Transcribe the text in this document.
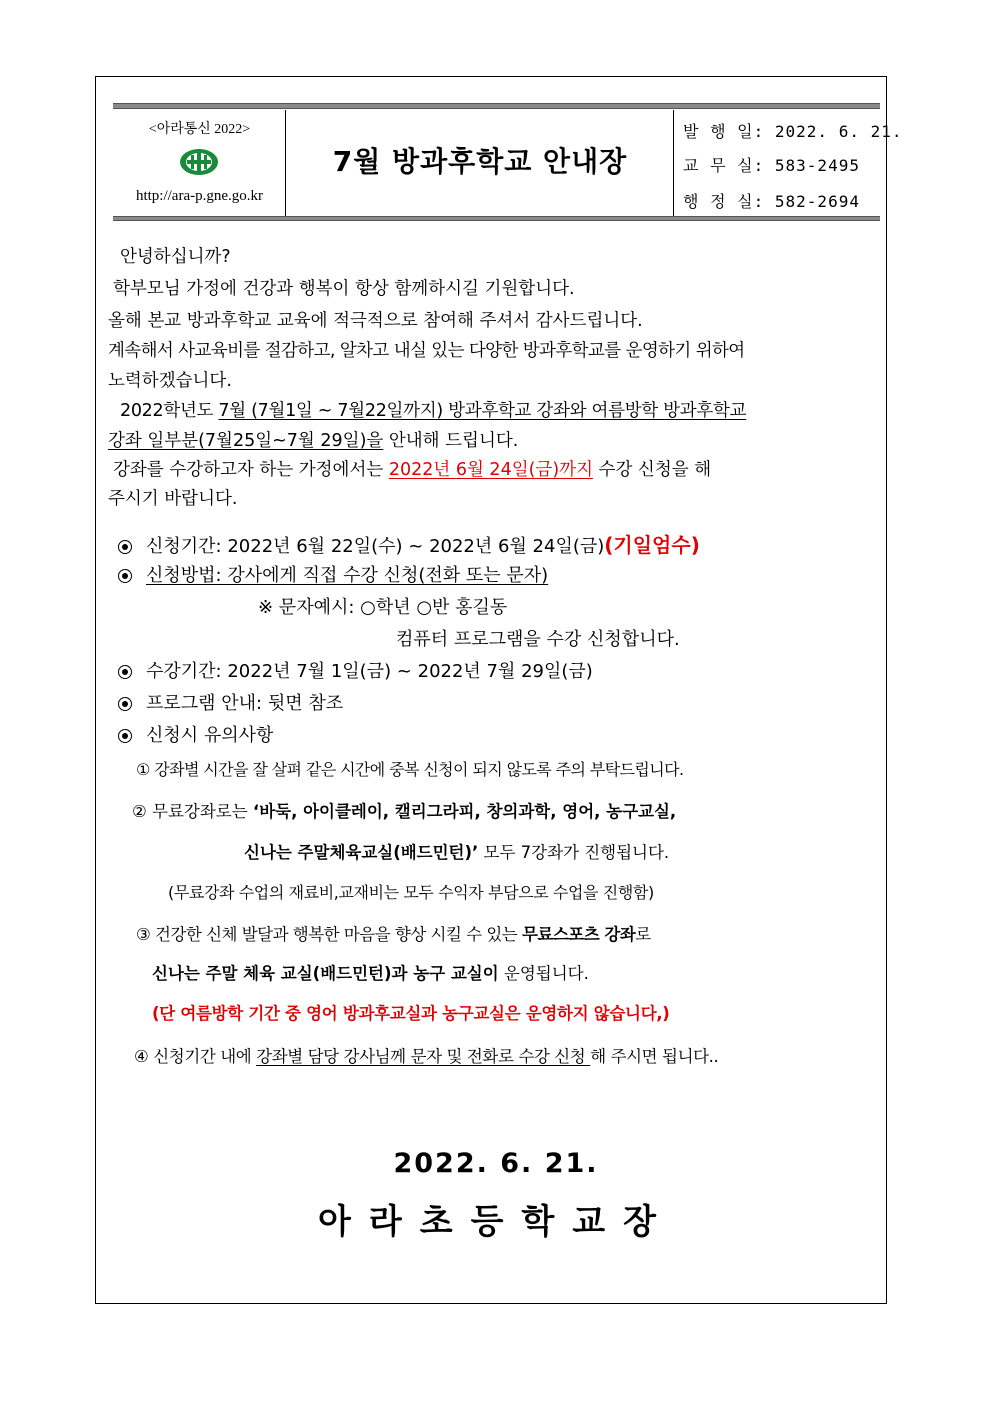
<아라통신 2022>
http://ara-p.gne.go.kr
7월 방과후학교 안내장
발 행 일: 2022. 6. 21.
교 무 실: 583-2495
행 정 실: 582-2694
안녕하십니까?
학부모님 가정에 건강과 행복이 항상 함께하시길 기원합니다.
올해 본교 방과후학교 교육에 적극적으로 참여해 주셔서 감사드립니다.
계속해서 사교육비를 절감하고, 알차고 내실 있는 다양한 방과후학교를 운영하기 위하여
노력하겠습니다.
2022학년도 7월 (7월1일 ~ 7월22일까지) 방과후학교 강좌와 여름방학 방과후학교
강좌 일부분(7월25일~7월 29일)을 안내해 드립니다.
강좌를 수강하고자 하는 가정에서는 2022년 6월 24일(금)까지 수강 신청을 해
주시기 바랍니다.
신청기간: 2022년 6월 22일(수) ~ 2022년 6월 24일(금)(기일엄수)
신청방법: 강사에게 직접 수강 신청(전화 또는 문자)
※ 문자예시: ○학년 ○반 홍길동
컴퓨터 프로그램을 수강 신청합니다.
수강기간: 2022년 7월 1일(금) ~ 2022년 7월 29일(금)
프로그램 안내: 뒷면 참조
신청시 유의사항
① 강좌별 시간을 잘 살펴 같은 시간에 중복 신청이 되지 않도록 주의 부탁드립니다.
② 무료강좌로는 ‘바둑, 아이클레이, 캘리그라피, 창의과학, 영어, 농구교실,
신나는 주말체육교실(배드민턴)’ 모두 7강좌가 진행됩니다.
(무료강좌 수업의 재료비,교재비는 모두 수익자 부담으로 수업을 진행함)
③ 건강한 신체 발달과 행복한 마음을 향상 시킬 수 있는 무료스포츠 강좌로
신나는 주말 체육 교실(배드민턴)과 농구 교실이 운영됩니다.
(단 여름방학 기간 중 영어 방과후교실과 농구교실은 운영하지 않습니다,)
④ 신청기간 내에 강좌별 담당 강사님께 문자 및 전화로 수강 신청 해 주시면 됩니다..
2022. 6. 21.
아라초등학교장
